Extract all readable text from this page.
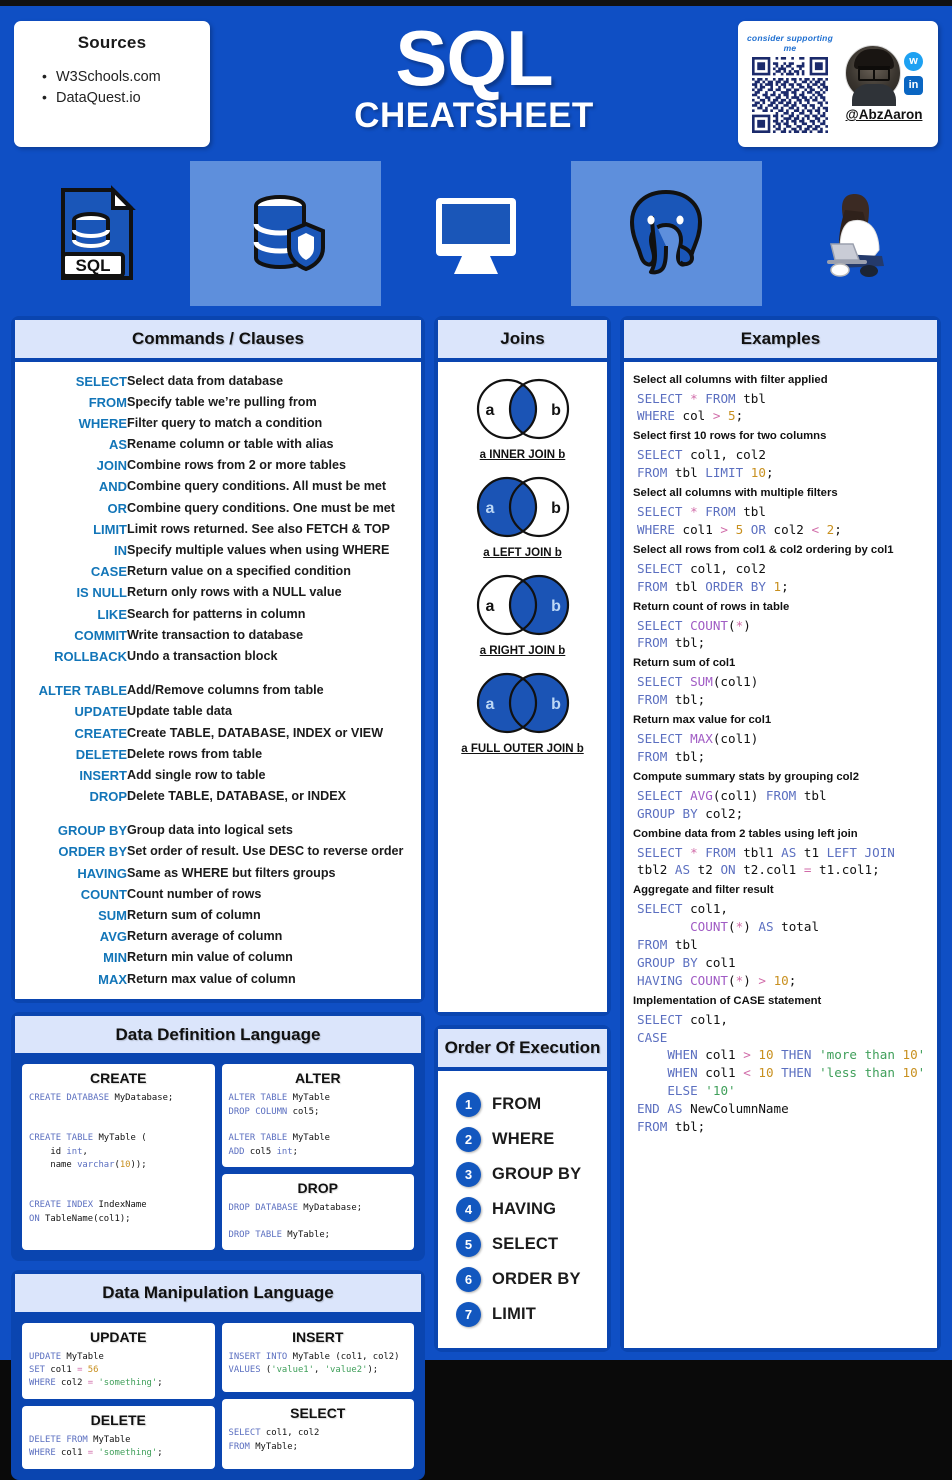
Sources
• W3Schools.com
• DataQuest.io	SQL
CHEATSHEET
consider supporting me
w
in
@AbzAaron
SQL
Commands / Clauses
SELECT	Select data from database
FROM	Specify table we’re pulling from
WHERE	Filter query to match a condition
AS	Rename column or table with alias
JOIN	Combine rows from 2 or more tables
AND	Combine query conditions. All must be met
OR	Combine query conditions. One must be met
LIMIT	Limit rows returned. See also FETCH & TOP
IN	Specify multiple values when using WHERE
CASE	Return value on a specified condition
IS NULL	Return only rows with a NULL value
LIKE	Search for patterns in column
COMMIT	Write transaction to database
ROLLBACK	Undo a transaction block

ALTER TABLE	Add/Remove columns from table
UPDATE	Update table data
CREATE	Create TABLE, DATABASE, INDEX or VIEW
DELETE	Delete rows from table
INSERT	Add single row to table
DROP	Delete TABLE, DATABASE, or INDEX

GROUP BY	Group data into logical sets
ORDER BY	Set order of result. Use DESC to reverse order
HAVING	Same as WHERE but filters groups
COUNT	Count number of rows
SUM	Return sum of column
AVG	Return average of column
MIN	Return min value of column
MAX	Return max value of column
Data Definition Language
CREATE
CREATE DATABASE MyDatabase;

CREATE TABLE MyTable (
id int,
name varchar(10));

CREATE INDEX IndexName
ON TableName(col1);
ALTER
ALTER TABLE MyTable
DROP COLUMN col5;

ALTER TABLE MyTable
ADD col5 int;
DROP
DROP DATABASE MyDatabase;

DROP TABLE MyTable;
Data Manipulation Language
UPDATE
UPDATE MyTable
SET col1 = 56
WHERE col2 = 'something';
DELETE
DELETE FROM MyTable
WHERE col1 = 'something';
INSERT
INSERT INTO MyTable (col1, col2)
VALUES ('value1', 'value2');
SELECT
SELECT col1, col2
FROM MyTable;
Joins
a	b
a INNER JOIN b
a	b
a LEFT JOIN b
a	b
a RIGHT JOIN b
a	b
a FULL OUTER JOIN b
Order Of Execution
1	FROM
2	WHERE
3	GROUP BY
4	HAVING
5	SELECT
6	ORDER BY
7	LIMIT
Examples
Select all columns with filter applied
SELECT * FROM tbl
WHERE col > 5;
Select first 10 rows for two columns
SELECT col1, col2
FROM tbl LIMIT 10;
Select all columns with multiple filters
SELECT * FROM tbl
WHERE col1 > 5 OR col2 < 2;
Select all rows from col1 & col2 ordering by col1
SELECT col1, col2
FROM tbl ORDER BY 1;
Return count of rows in table
SELECT COUNT(*)
FROM tbl;
Return sum of col1
SELECT SUM(col1)
FROM tbl;
Return max value for col1
SELECT MAX(col1)
FROM tbl;
Compute summary stats by grouping col2
SELECT AVG(col1) FROM tbl
GROUP BY col2;
Combine data from 2 tables using left join
SELECT * FROM tbl1 AS t1 LEFT JOIN
tbl2 AS t2 ON t2.col1 = t1.col1;
Aggregate and filter result
SELECT col1,
COUNT(*) AS total
FROM tbl
GROUP BY col1
HAVING COUNT(*) > 10;
Implementation of CASE statement
SELECT col1,
CASE
WHEN col1 > 10 THEN 'more than 10'
WHEN col1 < 10 THEN 'less than 10'
ELSE '10'
END AS NewColumnName
FROM tbl;
